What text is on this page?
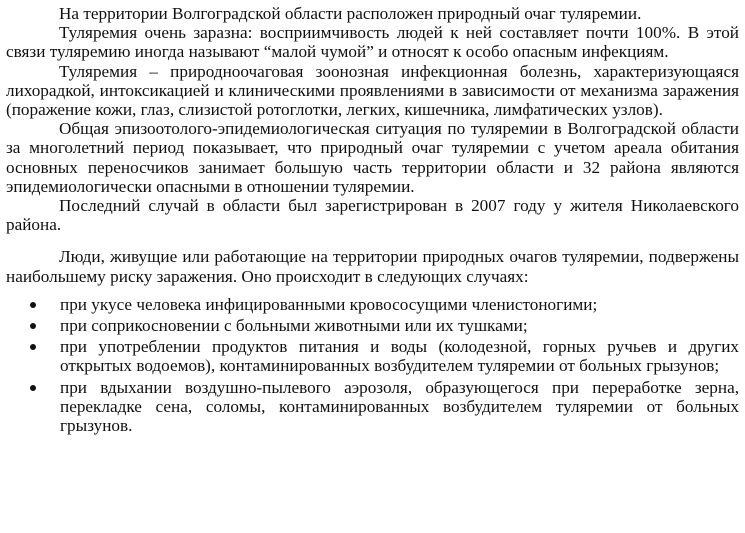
На территории Волгоградской области расположен природный очаг туляремии.

Туляремия очень заразна: восприимчивость людей к ней составляет почти 100%. В этой связи туляремию иногда называют “малой чумой” и относят к особо опасным инфекциям.

Туляремия – природноочаговая зоонозная инфекционная болезнь, характеризующаяся лихорадкой, интоксикацией и клиническими проявлениями в зависимости от механизма заражения (поражение кожи, глаз, слизистой ротоглотки, легких, кишечника, лимфатических узлов).

Общая эпизоотолого-эпидемиологическая ситуация по туляремии в Волгоградской области за многолетний период показывает, что природный очаг туляремии с учетом ареала обитания основных переносчиков занимает большую часть территории области и 32 района являются эпидемиологически опасными в отношении туляремии.

Последний случай в области был зарегистрирован в 2007 году у жителя Николаевского района.

Люди, живущие или работающие на территории природных очагов туляремии, подвержены наибольшему риску заражения. Оно происходит в следующих случаях:

при укусе человека инфицированными кровососущими членистоногими;
при соприкосновении с больными животными или их тушками;
при употреблении продуктов питания и воды (колодезной, горных ручьев и других открытых водоемов), контаминированных возбудителем туляремии от больных грызунов;
при вдыхании воздушно-пылевого аэрозоля, образующегося при переработке зерна, перекладке сена, соломы, контаминированных возбудителем туляремии от больных грызунов.
